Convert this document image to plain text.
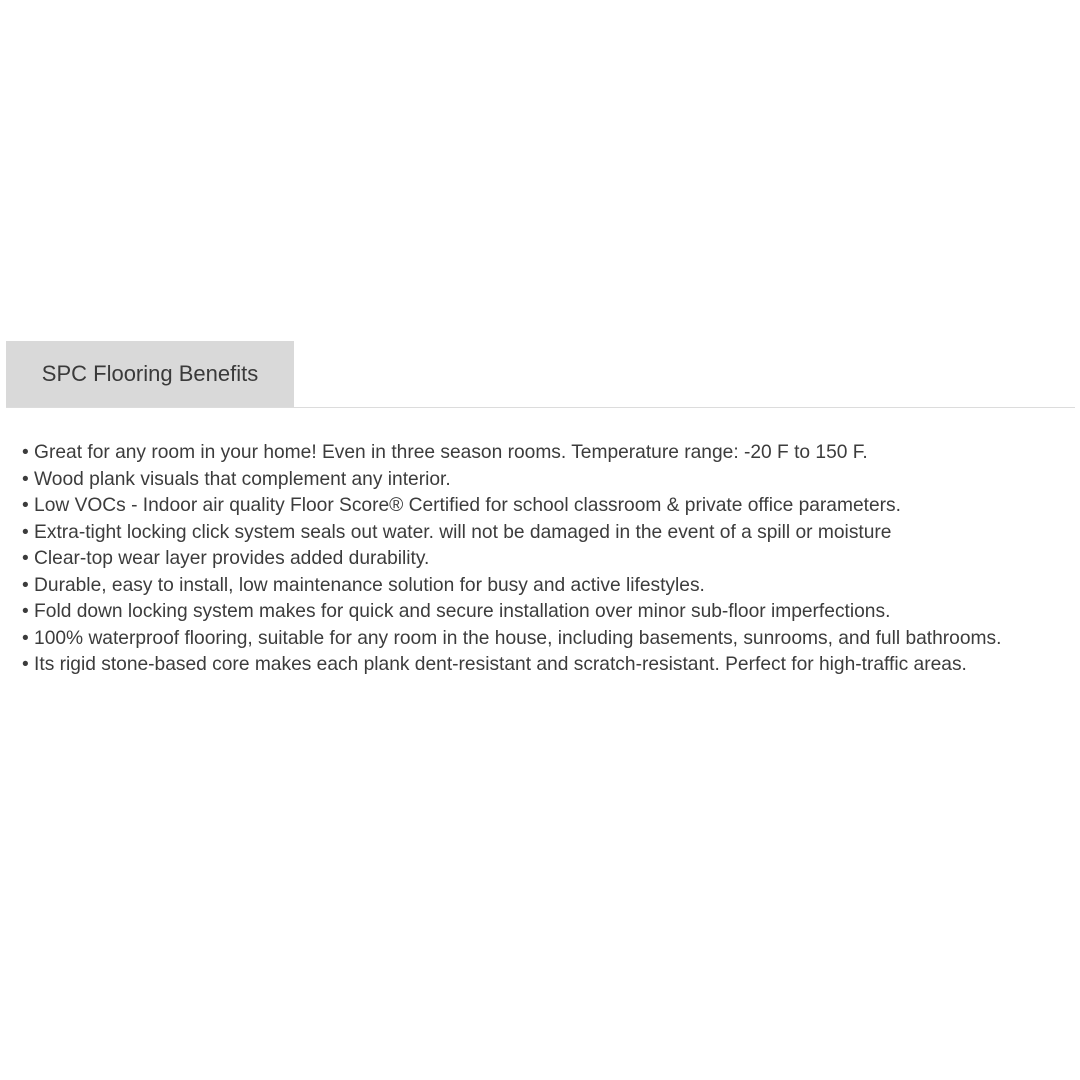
SPC Flooring Benefits
• Great for any room in your home! Even in three season rooms. Temperature range: -20 F to 150 F.
• Wood plank visuals that complement any interior.
• Low VOCs - Indoor air quality Floor Score® Certified for school classroom & private office parameters.
• Extra-tight locking click system seals out water. will not be damaged in the event of a spill or moisture
• Clear-top wear layer provides added durability.
• Durable, easy to install, low maintenance solution for busy and active lifestyles.
• Fold down locking system makes for quick and secure installation over minor sub-floor imperfections.
• 100% waterproof flooring, suitable for any room in the house, including basements, sunrooms, and full bathrooms.
• Its rigid stone-based core makes each plank dent-resistant and scratch-resistant. Perfect for high-traffic areas.
